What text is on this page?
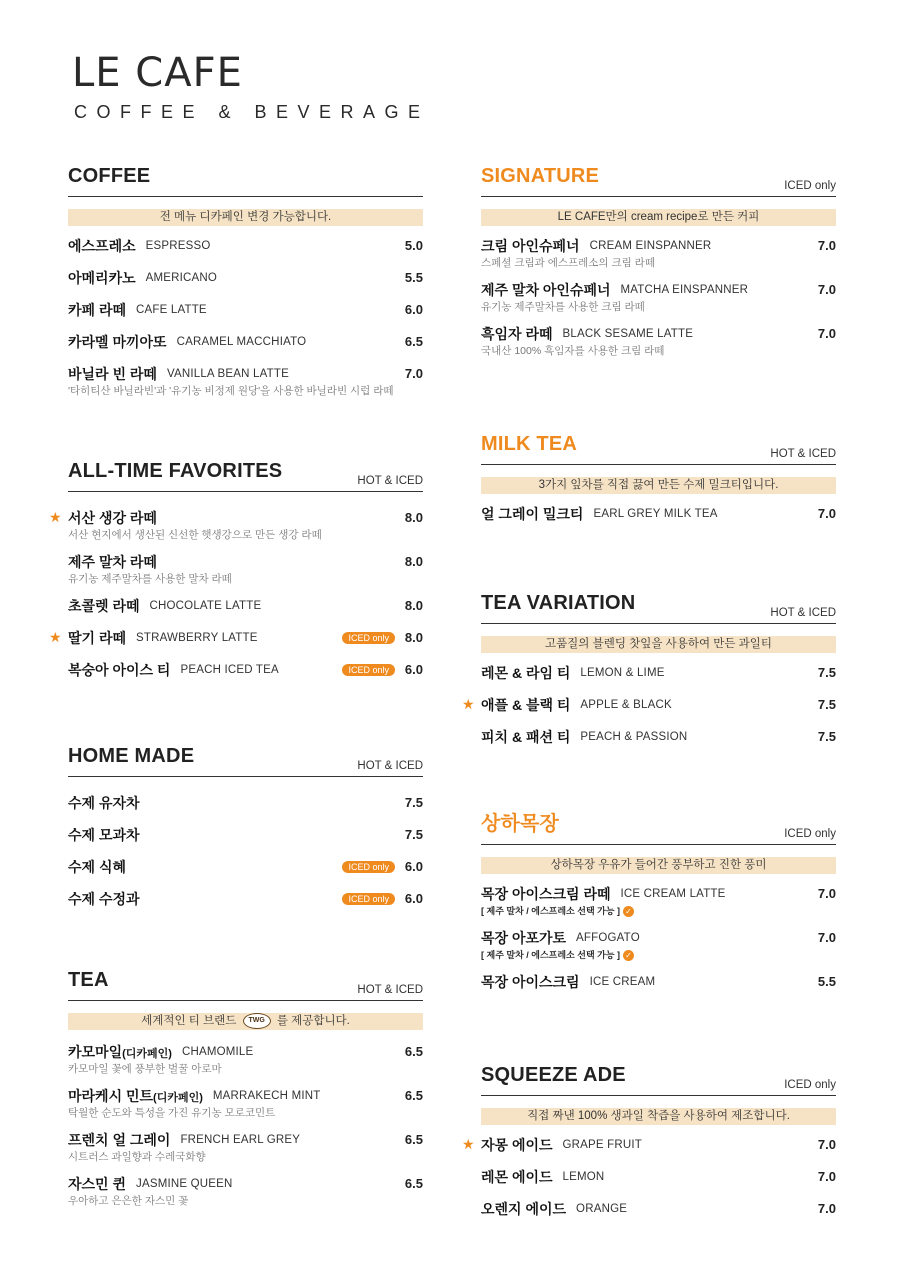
LE CAFE
COFFEE & BEVERAGE
COFFEE
전 메뉴 디카페인 변경 가능합니다.
에스프레소 ESPRESSO	5.0
아메리카노 AMERICANO	5.5
카페 라떼 CAFE LATTE	6.0
카라멜 마끼아또 CARAMEL MACCHIATO	6.5
바닐라 빈 라떼 VANILLA BEAN LATTE	7.0
'타히티산 바닐라빈'과 '유기농 비정제 원당'을 사용한 바닐라빈 시럽 라떼
ALL-TIME FAVORITES	HOT & ICED
★ 서산 생강 라떼	8.0
서산 현지에서 생산된 신선한 햇생강으로 만든 생강 라떼
제주 말차 라떼	8.0
유기농 제주말차를 사용한 말차 라떼
초콜렛 라떼 CHOCOLATE LATTE	8.0
★ 딸기 라떼 STRAWBERRY LATTE	ICED only	8.0
복숭아 아이스 티 PEACH ICED TEA	ICED only	6.0
HOME MADE	HOT & ICED
수제 유자차	7.5
수제 모과차	7.5
수제 식혜	ICED only	6.0
수제 수정과	ICED only	6.0
TEA	HOT & ICED
세계적인 티 브랜드 TWG 를 제공합니다.
카모마일(디카페인) CHAMOMILE	6.5
카모마일 꽃에 풍부한 벌꿀 아로마
마라케시 민트(디카페인) MARRAKECH MINT	6.5
탁월한 순도와 특성을 가진 유기농 모로코민트
프렌치 얼 그레이 FRENCH EARL GREY	6.5
시트러스 과일향과 수레국화향
자스민 퀸 JASMINE QUEEN	6.5
우아하고 은은한 자스민 꽃
SIGNATURE	ICED only
LE CAFE만의 cream recipe로 만든 커피
크림 아인슈페너 CREAM EINSPANNER	7.0
스페셜 크림과 에스프레소의 크림 라떼
제주 말차 아인슈페너 MATCHA EINSPANNER	7.0
유기농 제주말차를 사용한 크림 라떼
흑임자 라떼 BLACK SESAME LATTE	7.0
국내산 100% 흑임자를 사용한 크림 라떼
MILK TEA	HOT & ICED
3가지 잎차를 직접 끓여 만든 수제 밀크티입니다.
얼 그레이 밀크티 EARL GREY MILK TEA	7.0
TEA VARIATION	HOT & ICED
고품질의 블렌딩 찻잎을 사용하여 만든 과일티
레몬 & 라임 티 LEMON & LIME	7.5
★ 애플 & 블랙 티 APPLE & BLACK	7.5
피치 & 패션 티 PEACH & PASSION	7.5
상하목장	ICED only
상하목장 우유가 들어간 풍부하고 진한 풍미
목장 아이스크림 라떼 ICE CREAM LATTE	7.0
[ 제주 말차 / 에스프레소 선택 가능 ] ✓
목장 아포가토 AFFOGATO	7.0
[ 제주 말차 / 에스프레소 선택 가능 ] ✓
목장 아이스크림 ICE CREAM	5.5
SQUEEZE ADE	ICED only
직접 짜낸 100% 생과일 착즙을 사용하여 제조합니다.
★ 자몽 에이드 GRAPE FRUIT	7.0
레몬 에이드 LEMON	7.0
오렌지 에이드 ORANGE	7.0
